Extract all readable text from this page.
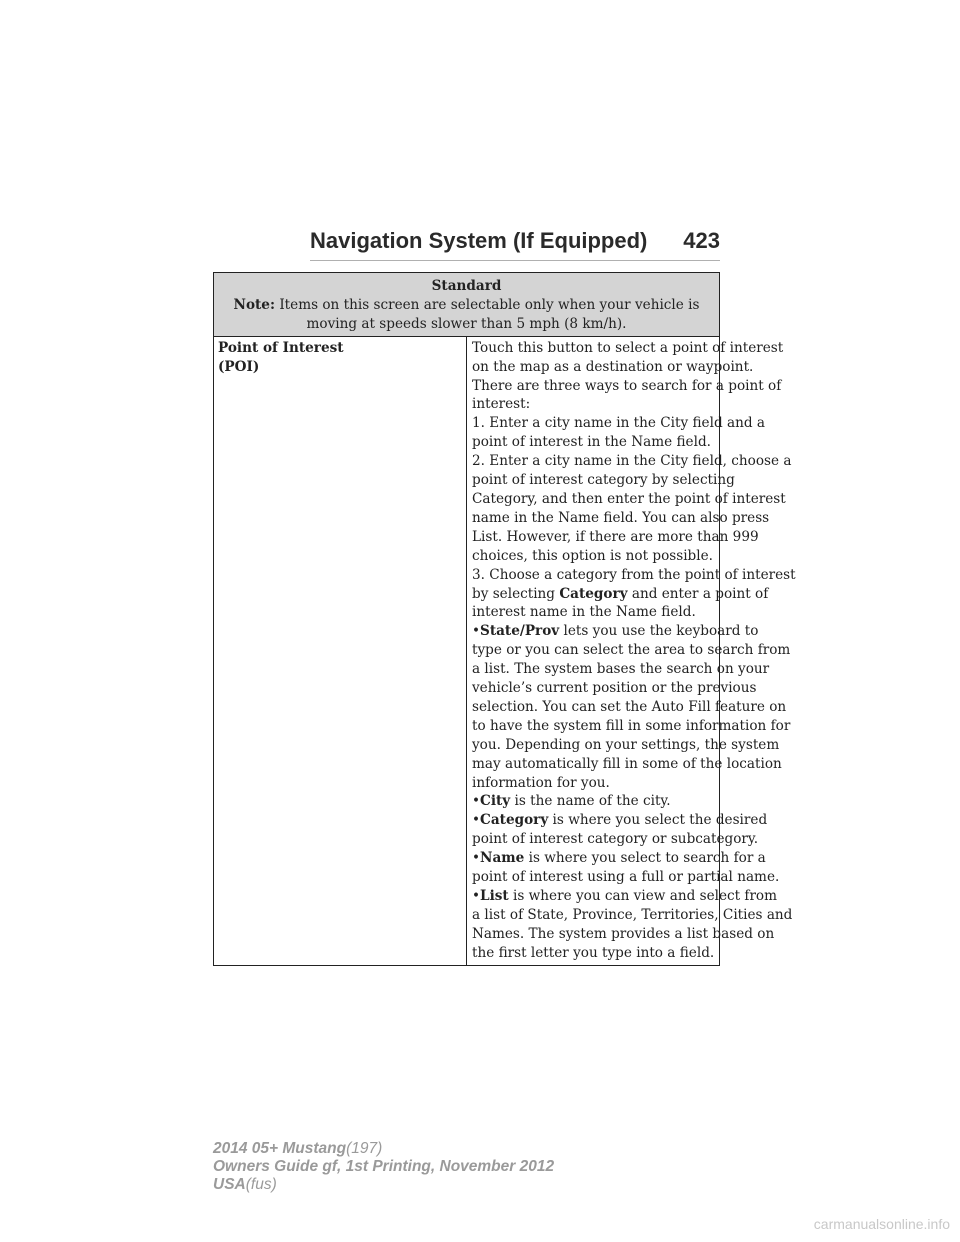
Navigation System (If Equipped) 423
Standard
Note: Items on this screen are selectable only when your vehicle is
moving at speeds slower than 5 mph (8 km/h).

Point of Interest
(POI)

Touch this button to select a point of interest
on the map as a destination or waypoint.
There are three ways to search for a point of
interest:
1. Enter a city name in the City field and a
point of interest in the Name field.
2. Enter a city name in the City field, choose a
point of interest category by selecting
Category, and then enter the point of interest
name in the Name field. You can also press
List. However, if there are more than 999
choices, this option is not possible.
3. Choose a category from the point of interest
by selecting Category and enter a point of
interest name in the Name field.
•State/Prov lets you use the keyboard to
type or you can select the area to search from
a list. The system bases the search on your
vehicle’s current position or the previous
selection. You can set the Auto Fill feature on
to have the system fill in some information for
you. Depending on your settings, the system
may automatically fill in some of the location
information for you.
•City is the name of the city.
•Category is where you select the desired
point of interest category or subcategory.
•Name is where you select to search for a
point of interest using a full or partial name.
•List is where you can view and select from
a list of State, Province, Territories, Cities and
Names. The system provides a list based on
the first letter you type into a field.
2014 05+ Mustang(197)
Owners Guide gf, 1st Printing, November 2012
USA(fus)
carmanualsonline.info
